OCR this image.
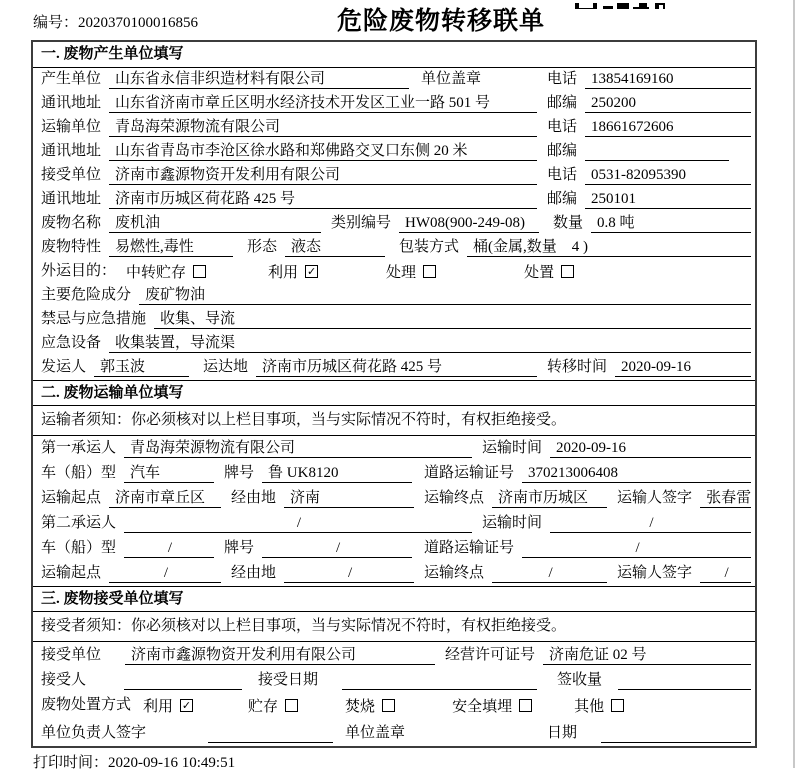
编号：2020370100016856	危险废物转移联单
一. 废物产生单位填写
产生单位 山东省永信非织造材料有限公司	单位盖章	电话 13854169160
通讯地址 山东省济南市章丘区明水经济技术开发区工业一路 501 号	邮编 250200
运输单位 青岛海荣源物流有限公司	电话 18661672606
通讯地址 山东省青岛市李沧区徐水路和郑佛路交叉口东侧 20 米	邮编
接受单位 济南市鑫源物资开发利用有限公司	电话 0531-82095390
通讯地址 济南市历城区荷花路 425 号	邮编 250101
废物名称 废机油	类别编号 HW08(900-249-08)	数量 0.8 吨
废物特性 易燃性,毒性	形态 液态	包装方式 桶(金属,数量　4 )
外运目的： 中转贮存	利用 ✓	处理	处置
主要危险成分 废矿物油
禁忌与应急措施 收集、导流
应急设备 收集装置，导流渠
发运人 郭玉波	运达地 济南市历城区荷花路 425 号	转移时间 2020-09-16
二. 废物运输单位填写
运输者须知：你必须核对以上栏目事项，当与实际情况不符时，有权拒绝接受。
第一承运人 青岛海荣源物流有限公司	运输时间 2020-09-16
车（船）型 汽车	牌号 鲁 UK8120	道路运输证号 370213006408
运输起点 济南市章丘区	经由地 济南	运输终点 济南市历城区	运输人签字 张春雷
第二承运人	/	运输时间	/
车（船）型	/	牌号	/	道路运输证号	/
运输起点	/	经由地	/	运输终点	/	运输人签字	/
三. 废物接受单位填写
接受者须知：你必须核对以上栏目事项，当与实际情况不符时，有权拒绝接受。
接受单位	济南市鑫源物资开发利用有限公司	经营许可证号 济南危证 02 号
接受人	接受日期	签收量
废物处置方式 利用 ✓	贮存	焚烧	安全填埋	其他
单位负责人签字	单位盖章	日期
打印时间：2020-09-16 10:49:51
